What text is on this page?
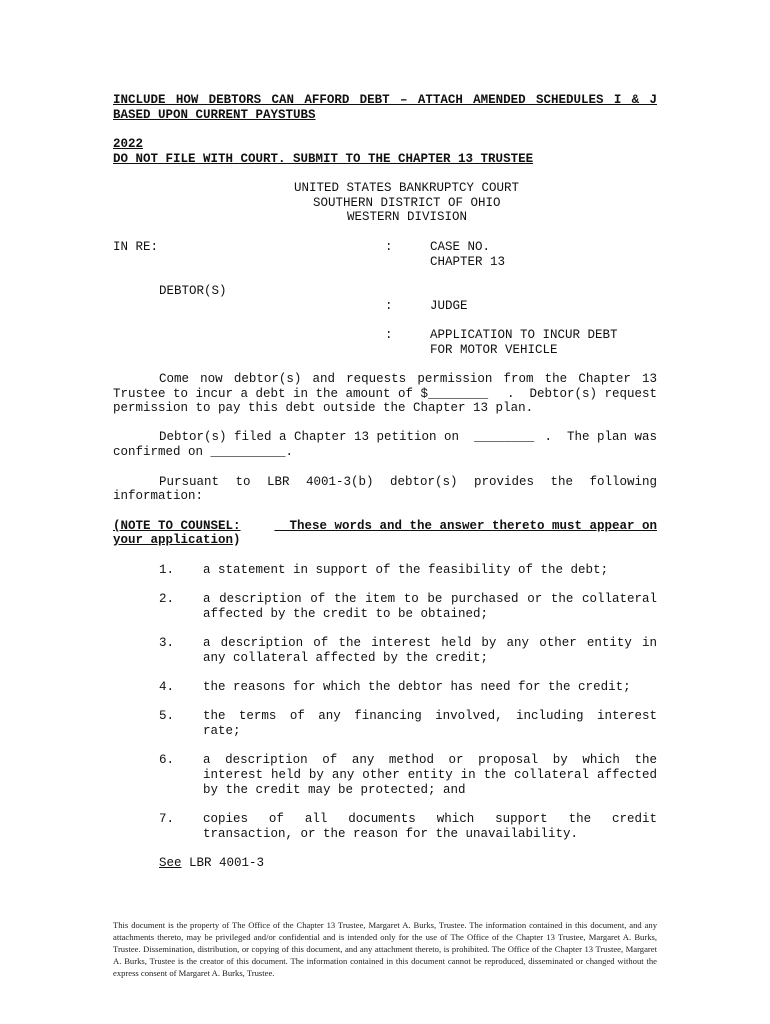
INCLUDE HOW DEBTORS CAN AFFORD DEBT – ATTACH AMENDED SCHEDULES I & J
BASED UPON CURRENT PAYSTUBS
2022
DO NOT FILE WITH COURT. SUBMIT TO THE CHAPTER 13 TRUSTEE
UNITED STATES BANKRUPTCY COURT
SOUTHERN DISTRICT OF OHIO
WESTERN DIVISION
IN RE:	:	CASE NO.
CHAPTER 13
DEBTOR(S)
:	JUDGE
:	APPLICATION TO INCUR DEBT
FOR MOTOR VEHICLE
Come now debtor(s) and requests permission from the Chapter 13
Trustee to incur a debt in the amount of $________ .  Debtor(s) request
permission to pay this debt outside the Chapter 13 plan.
Debtor(s) filed a Chapter 13 petition on  ________ .  The plan was
confirmed on __________.
Pursuant to LBR 4001-3(b) debtor(s) provides the following
information:
(NOTE TO COUNSEL:	These words and the answer thereto must appear on
your application)
1. a statement in support of the feasibility of the debt;
2. a description of the item to be purchased or the collateral affected by the credit to be obtained;
3. a description of the interest held by any other entity in any collateral affected by the credit;
4. the reasons for which the debtor has need for the credit;
5. the terms of any financing involved, including interest rate;
6. a description of any method or proposal by which the interest held by any other entity in the collateral affected by the credit may be protected; and
7. copies of all documents which support the credit transaction, or the reason for the unavailability.
See LBR 4001-3
This document is the property of The Office of the Chapter 13 Trustee, Margaret A. Burks, Trustee. The information contained in this document, and any attachments thereto, may be privileged and/or confidential and is intended only for the use of The Office of the Chapter 13 Trustee, Margaret A. Burks, Trustee. Dissemination, distribution, or copying of this document, and any attachment thereto, is prohibited. The Office of the Chapter 13 Trustee, Margaret A. Burks, Trustee is the creator of this document. The information contained in this document cannot be reproduced, disseminated or changed without the express consent of Margaret A. Burks, Trustee.
